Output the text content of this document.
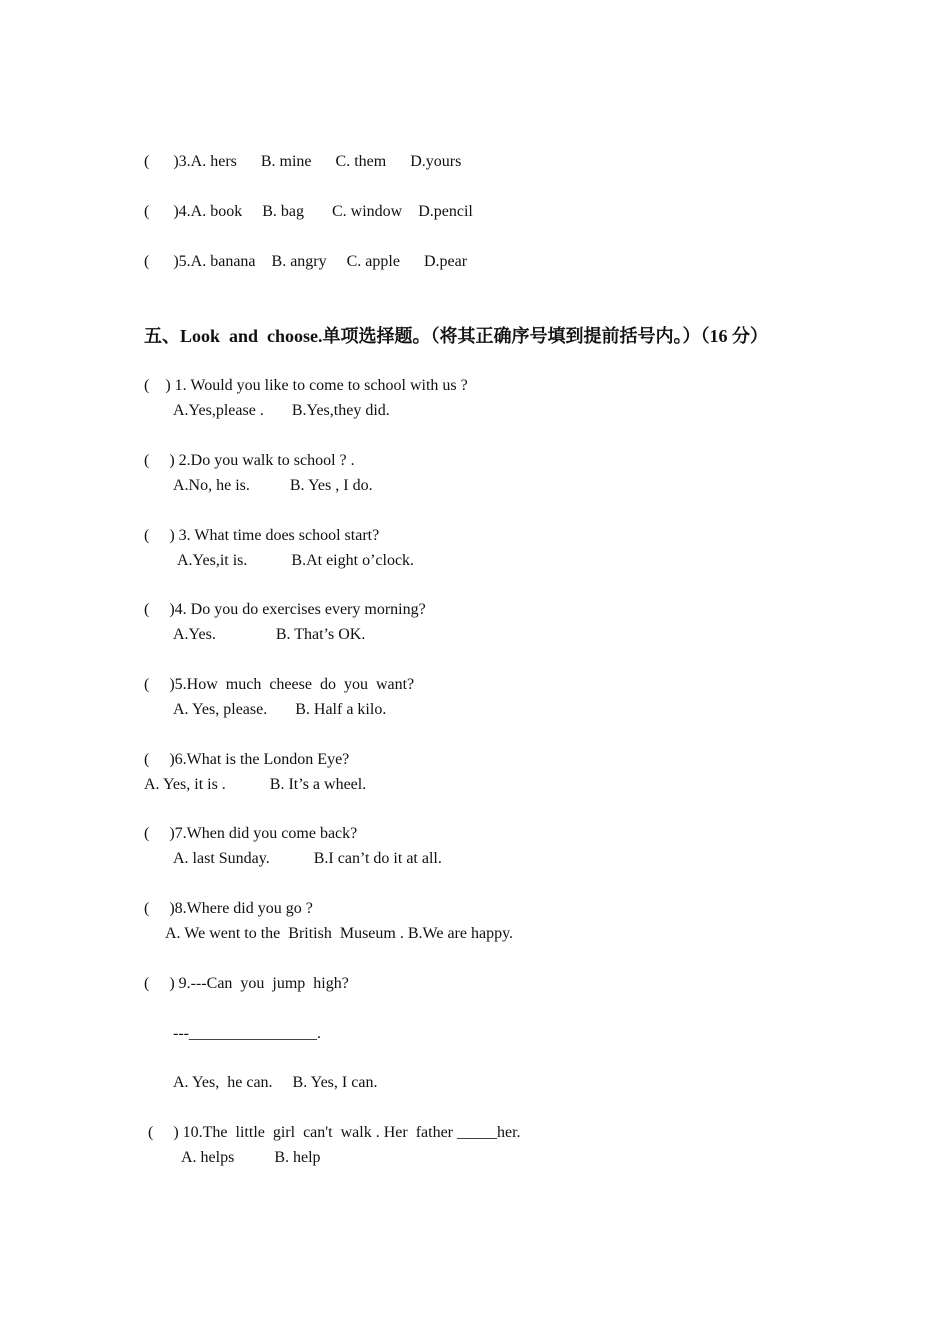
(      )3.A. hers      B. mine      C. them      D.yours
(      )4.A. book     B. bag       C. window    D.pencil
(      )5.A. banana    B. angry     C. apple      D.pear
五、Look  and  choose.单项选择题。（将其正确序号填到提前括号内。）（16 分）
(    ) 1. Would you like to come to school with us ?
A.Yes,please .       B.Yes,they did.
(     ) 2.Do you walk to school ? .
A.No, he is.          B. Yes , I do.
(     ) 3. What time does school start?
A.Yes,it is.           B.At eight o’clock.
(     )4. Do you do exercises every morning?
A.Yes.               B. That’s OK.
(     )5.How  much  cheese  do  you  want?
A. Yes, please.       B. Half a kilo.
(     )6.What is the London Eye?
A. Yes, it is .           B. It’s a wheel.
(     )7.When did you come back?
A. last Sunday.           B.I can’t do it at all.
(     )8.Where did you go ?
A. We went to the  British  Museum . B.We are happy.
(     ) 9.---Can  you  jump  high?
---________________.
A. Yes,  he can.     B. Yes, I can.
(     ) 10.The  little  girl  can't  walk . Her  father _____her.
A. helps          B. help
